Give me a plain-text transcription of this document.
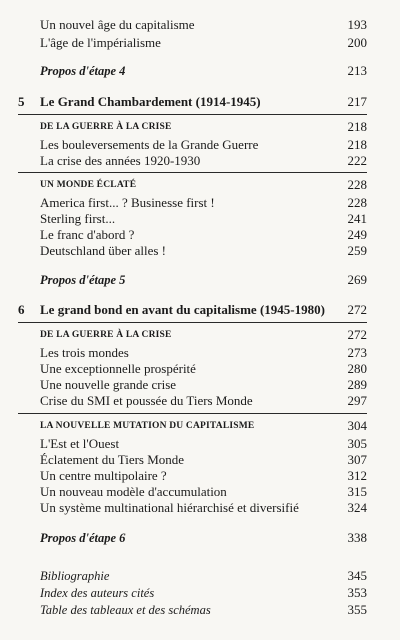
Un nouvel âge du capitalisme	193
L'âge de l'impérialisme	200
Propos d'étape 4	213
5 Le Grand Chambardement (1914-1945)	217
DE LA GUERRE À LA CRISE	218
Les bouleversements de la Grande Guerre	218
La crise des années 1920-1930	222
UN MONDE ÉCLATÉ	228
America first... ? Businesse first !	228
Sterling first...	241
Le franc d'abord ?	249
Deutschland über alles !	259
Propos d'étape 5	269
6 Le grand bond en avant du capitalisme (1945-1980) 272
DE LA GUERRE À LA CRISE	272
Les trois mondes	273
Une exceptionnelle prospérité	280
Une nouvelle grande crise	289
Crise du SMI et poussée du Tiers Monde	297
LA NOUVELLE MUTATION DU CAPITALISME	304
L'Est et l'Ouest	305
Éclatement du Tiers Monde	307
Un centre multipolaire ?	312
Un nouveau modèle d'accumulation	315
Un système multinational hiérarchisé et diversifié	324
Propos d'étape 6	338
Bibliographie	345
Index des auteurs cités	353
Table des tableaux et des schémas	355
